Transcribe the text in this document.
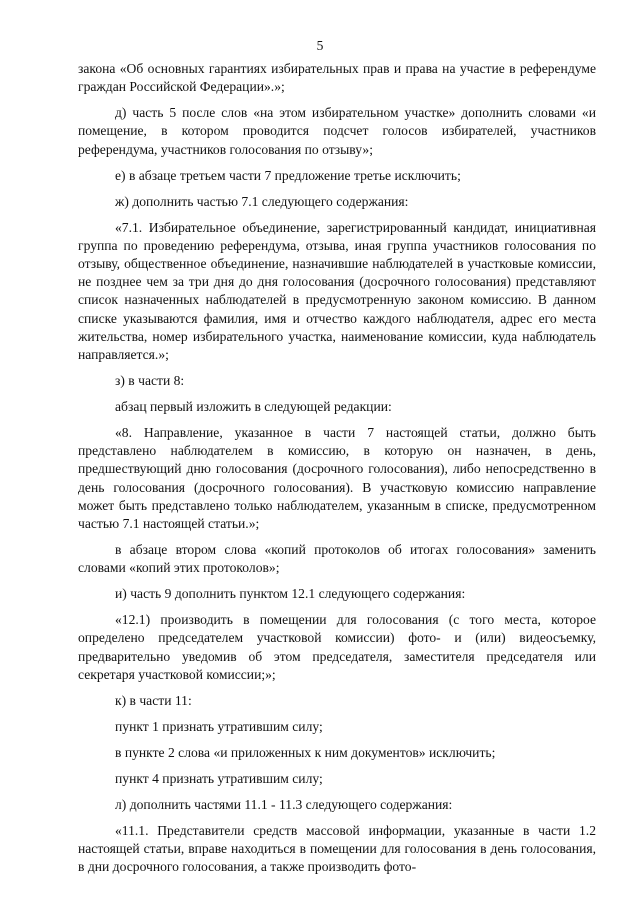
5

закона «Об основных гарантиях избирательных прав и права на участие в референдуме граждан Российской Федерации».»;

д) часть 5 после слов «на этом избирательном участке» дополнить словами «и помещение, в котором проводится подсчет голосов избирателей, участников референдума, участников голосования по отзыву»;

е) в абзаце третьем части 7 предложение третье исключить;

ж) дополнить частью 7.1 следующего содержания:

«7.1. Избирательное объединение, зарегистрированный кандидат, инициативная группа по проведению референдума, отзыва, иная группа участников голосования по отзыву, общественное объединение, назначившие наблюдателей в участковые комиссии, не позднее чем за три дня до дня голосования (досрочного голосования) представляют список назначенных наблюдателей в предусмотренную законом комиссию. В данном списке указываются фамилия, имя и отчество каждого наблюдателя, адрес его места жительства, номер избирательного участка, наименование комиссии, куда наблюдатель направляется.»;

з) в части 8:

абзац первый изложить в следующей редакции:

«8. Направление, указанное в части 7 настоящей статьи, должно быть представлено наблюдателем в комиссию, в которую он назначен, в день, предшествующий дню голосования (досрочного голосования), либо непосредственно в день голосования (досрочного голосования). В участковую комиссию направление может быть представлено только наблюдателем, указанным в списке, предусмотренном частью 7.1 настоящей статьи.»;

в абзаце втором слова «копий протоколов об итогах голосования» заменить словами «копий этих протоколов»;

и) часть 9 дополнить пунктом 12.1 следующего содержания:

«12.1) производить в помещении для голосования (с того места, которое определено председателем участковой комиссии) фото- и (или) видеосъемку, предварительно уведомив об этом председателя, заместителя председателя или секретаря участковой комиссии;»;

к) в части 11:

пункт 1 признать утратившим силу;

в пункте 2 слова «и приложенных к ним документов» исключить;

пункт 4 признать утратившим силу;

л) дополнить частями 11.1 - 11.3 следующего содержания:

«11.1. Представители средств массовой информации, указанные в части 1.2 настоящей статьи, вправе находиться в помещении для голосования в день голосования, в дни досрочного голосования, а также производить фото-
